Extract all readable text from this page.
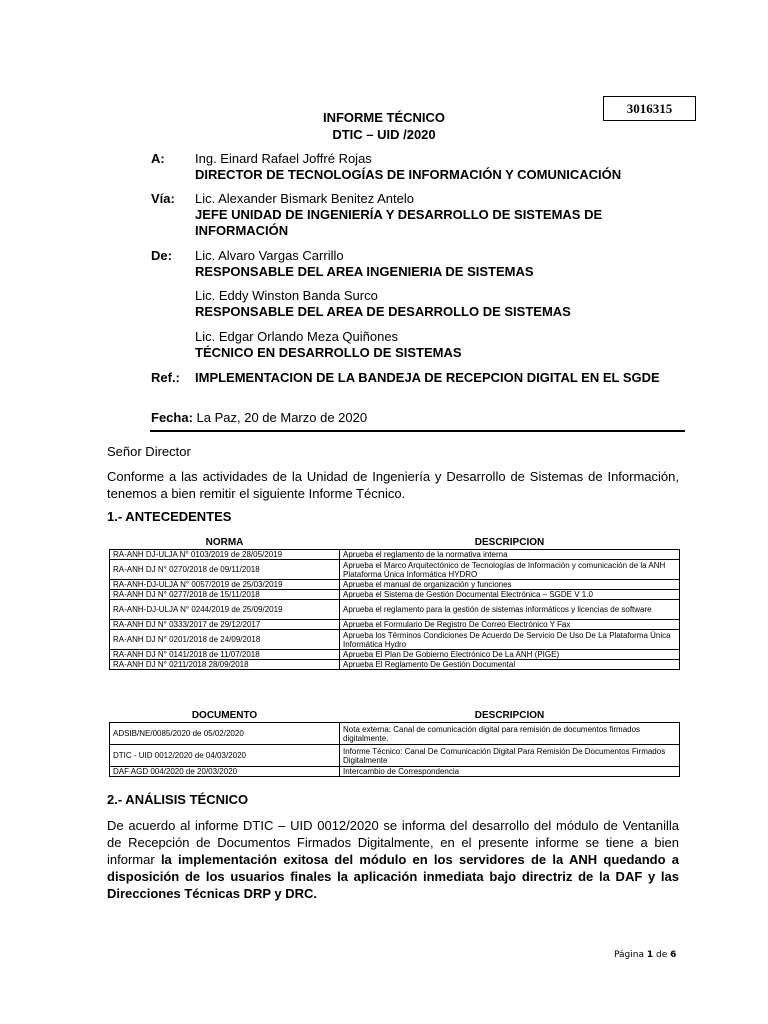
3016315
INFORME TÉCNICO
DTIC – UID /2020
A: Ing. Einard Rafael Joffré Rojas
DIRECTOR DE TECNOLOGÍAS DE INFORMACIÓN Y COMUNICACIÓN
Vía: Lic. Alexander Bismark Benitez Antelo
JEFE UNIDAD DE INGENIERÍA Y DESARROLLO DE SISTEMAS DE INFORMACIÓN
De: Lic. Alvaro Vargas Carrillo
RESPONSABLE DEL AREA INGENIERIA DE SISTEMAS
Lic. Eddy Winston Banda Surco
RESPONSABLE DEL AREA DE DESARROLLO DE SISTEMAS
Lic. Edgar Orlando Meza Quiñones
TÉCNICO EN DESARROLLO DE SISTEMAS
Ref.: IMPLEMENTACION DE LA BANDEJA DE RECEPCION DIGITAL EN EL SGDE
Fecha: La Paz, 20 de Marzo de 2020
Señor Director
Conforme a las actividades de la Unidad de Ingeniería y Desarrollo de Sistemas de Información, tenemos a bien remitir el siguiente Informe Técnico.
1.- ANTECEDENTES
NORMA	DESCRIPCION
RA-ANH DJ-ULJA N° 0103/2019 de 28/05/2019	Aprueba el reglamento de la normativa interna
RA-ANH DJ N° 0270/2018 de 09/11/2018	Aprueba el Marco Arquitectónico de Tecnologías de Información y comunicación de la ANH Plataforma Única Informática HYDRO
RA-ANH-DJ-ULJA N° 0057/2019 de 25/03/2019	Aprueba el manual de organización y funciones
RA-ANH DJ N° 0277/2018 de 15/11/2018	Aprueba el Sistema de Gestión Documental Electrónica – SGDE V 1.0
RA-ANH-DJ-ULJA N° 0244/2019 de 25/09/2019	Aprueba el reglamento para la gestión de sistemas informáticos y licencias de software
RA-ANH DJ N° 0333/2017 de 29/12/2017	Aprueba el Formulario De Registro De Correo Electrónico Y Fax
RA-ANH DJ N° 0201/2018 de 24/09/2018	Aprueba los Términos Condiciones De Acuerdo De Servicio De Uso De La Plataforma Única Informática Hydro
RA-ANH DJ N° 0141/2018 de 11/07/2018	Aprueba El Plan De Gobierno Electrónico De La ANH (PIGE)
RA-ANH DJ N° 0211/2018 28/09/2018	Aprueba El Reglamento De Gestión Documental
DOCUMENTO	DESCRIPCION
ADSIB/NE/0085/2020 de 05/02/2020	Nota externa: Canal de comunicación digital para remisión de documentos firmados digitalmente.
DTIC - UID 0012/2020 de 04/03/2020	Informe Técnico: Canal De Comunicación Digital Para Remisión De Documentos Firmados Digitalmente
DAF AGD 004/2020 de 20/03/2020	Intercambio de Correspondencia
2.- ANÁLISIS TÉCNICO
De acuerdo al informe DTIC – UID 0012/2020 se informa del desarrollo del módulo de Ventanilla de Recepción de Documentos Firmados Digitalmente, en el presente informe se tiene a bien informar la implementación exitosa del módulo en los servidores de la ANH quedando a disposición de los usuarios finales la aplicación inmediata bajo directriz de la DAF y las Direcciones Técnicas DRP y DRC.
Página 1 de 6
